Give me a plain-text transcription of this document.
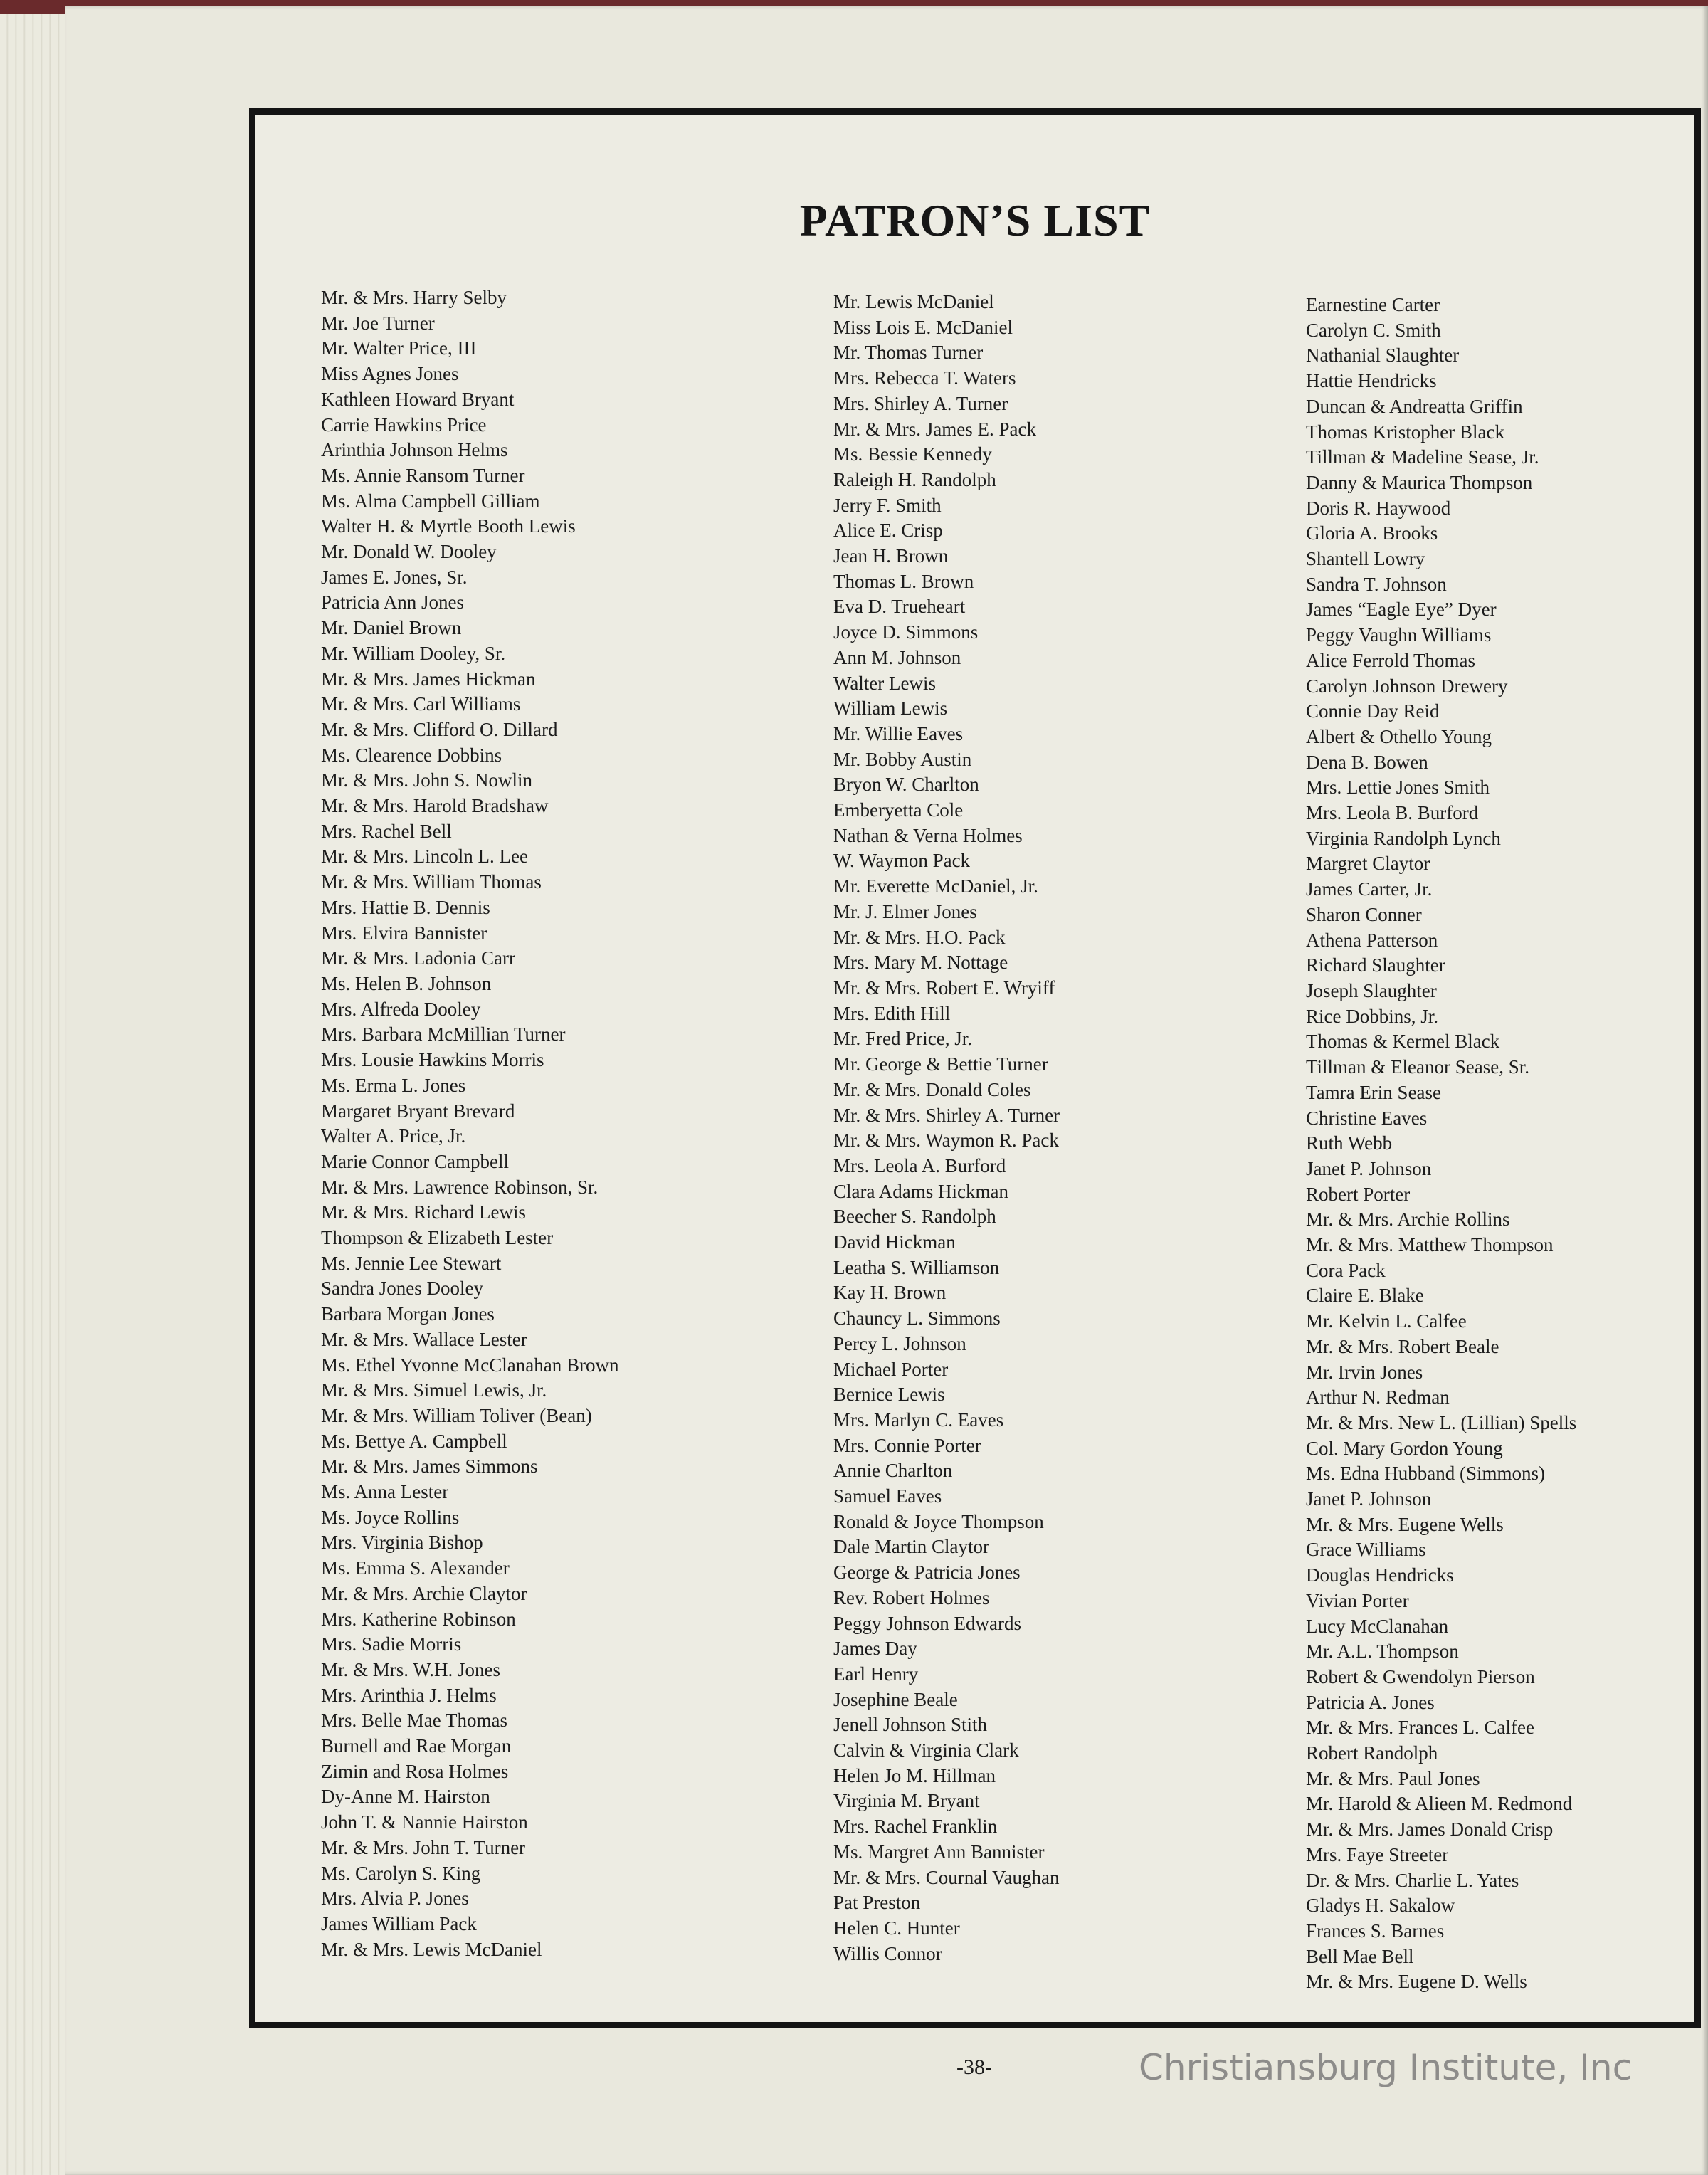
PATRON’S LIST
Mr. & Mrs. Harry Selby
Mr. Joe Turner
Mr. Walter Price, III
Miss Agnes Jones
Kathleen Howard Bryant
Carrie Hawkins Price
Arinthia Johnson Helms
Ms. Annie Ransom Turner
Ms. Alma Campbell Gilliam
Walter H. & Myrtle Booth Lewis
Mr. Donald W. Dooley
James E. Jones, Sr.
Patricia Ann Jones
Mr. Daniel Brown
Mr. William Dooley, Sr.
Mr. & Mrs. James Hickman
Mr. & Mrs. Carl Williams
Mr. & Mrs. Clifford O. Dillard
Ms. Clearence Dobbins
Mr. & Mrs. John S. Nowlin
Mr. & Mrs. Harold Bradshaw
Mrs. Rachel Bell
Mr. & Mrs. Lincoln L. Lee
Mr. & Mrs. William Thomas
Mrs. Hattie B. Dennis
Mrs. Elvira Bannister
Mr. & Mrs. Ladonia Carr
Ms. Helen B. Johnson
Mrs. Alfreda Dooley
Mrs. Barbara McMillian Turner
Mrs. Lousie Hawkins Morris
Ms. Erma L. Jones
Margaret Bryant Brevard
Walter A. Price, Jr.
Marie Connor Campbell
Mr. & Mrs. Lawrence Robinson, Sr.
Mr. & Mrs. Richard Lewis
Thompson & Elizabeth Lester
Ms. Jennie Lee Stewart
Sandra Jones Dooley
Barbara Morgan Jones
Mr. & Mrs. Wallace Lester
Ms. Ethel Yvonne McClanahan Brown
Mr. & Mrs. Simuel Lewis, Jr.
Mr. & Mrs. William Toliver (Bean)
Ms. Bettye A. Campbell
Mr. & Mrs. James Simmons
Ms. Anna Lester
Ms. Joyce Rollins
Mrs. Virginia Bishop
Ms. Emma S. Alexander
Mr. & Mrs. Archie Claytor
Mrs. Katherine Robinson
Mrs. Sadie Morris
Mr. & Mrs. W.H. Jones
Mrs. Arinthia J. Helms
Mrs. Belle Mae Thomas
Burnell and Rae Morgan
Zimin and Rosa Holmes
Dy-Anne M. Hairston
John T. & Nannie Hairston
Mr. & Mrs. John T. Turner
Ms. Carolyn S. King
Mrs. Alvia P. Jones
James William Pack
Mr. & Mrs. Lewis McDaniel
Mr. Lewis McDaniel
Miss Lois E. McDaniel
Mr. Thomas Turner
Mrs. Rebecca T. Waters
Mrs. Shirley A. Turner
Mr. & Mrs. James E. Pack
Ms. Bessie Kennedy
Raleigh H. Randolph
Jerry F. Smith
Alice E. Crisp
Jean H. Brown
Thomas L. Brown
Eva D. Trueheart
Joyce D. Simmons
Ann M. Johnson
Walter Lewis
William Lewis
Mr. Willie Eaves
Mr. Bobby Austin
Bryon W. Charlton
Emberyetta Cole
Nathan & Verna Holmes
W. Waymon Pack
Mr. Everette McDaniel, Jr.
Mr. J. Elmer Jones
Mr. & Mrs. H.O. Pack
Mrs. Mary M. Nottage
Mr. & Mrs. Robert E. Wryiff
Mrs. Edith Hill
Mr. Fred Price, Jr.
Mr. George & Bettie Turner
Mr. & Mrs. Donald Coles
Mr. & Mrs. Shirley A. Turner
Mr. & Mrs. Waymon R. Pack
Mrs. Leola A. Burford
Clara Adams Hickman
Beecher S. Randolph
David Hickman
Leatha S. Williamson
Kay H. Brown
Chauncy L. Simmons
Percy L. Johnson
Michael Porter
Bernice Lewis
Mrs. Marlyn C. Eaves
Mrs. Connie Porter
Annie Charlton
Samuel Eaves
Ronald & Joyce Thompson
Dale Martin Claytor
George & Patricia Jones
Rev. Robert Holmes
Peggy Johnson Edwards
James Day
Earl Henry
Josephine Beale
Jenell Johnson Stith
Calvin & Virginia Clark
Helen Jo M. Hillman
Virginia M. Bryant
Mrs. Rachel Franklin
Ms. Margret Ann Bannister
Mr. & Mrs. Cournal Vaughan
Pat Preston
Helen C. Hunter
Willis Connor
Earnestine Carter
Carolyn C. Smith
Nathanial Slaughter
Hattie Hendricks
Duncan & Andreatta Griffin
Thomas Kristopher Black
Tillman & Madeline Sease, Jr.
Danny & Maurica Thompson
Doris R. Haywood
Gloria A. Brooks
Shantell Lowry
Sandra T. Johnson
James “Eagle Eye” Dyer
Peggy Vaughn Williams
Alice Ferrold Thomas
Carolyn Johnson Drewery
Connie Day Reid
Albert & Othello Young
Dena B. Bowen
Mrs. Lettie Jones Smith
Mrs. Leola B. Burford
Virginia Randolph Lynch
Margret Claytor
James Carter, Jr.
Sharon Conner
Athena Patterson
Richard Slaughter
Joseph Slaughter
Rice Dobbins, Jr.
Thomas & Kermel Black
Tillman & Eleanor Sease, Sr.
Tamra Erin Sease
Christine Eaves
Ruth Webb
Janet P. Johnson
Robert Porter
Mr. & Mrs. Archie Rollins
Mr. & Mrs. Matthew Thompson
Cora Pack
Claire E. Blake
Mr. Kelvin L. Calfee
Mr. & Mrs. Robert Beale
Mr. Irvin Jones
Arthur N. Redman
Mr. & Mrs. New L. (Lillian) Spells
Col. Mary Gordon Young
Ms. Edna Hubband (Simmons)
Janet P. Johnson
Mr. & Mrs. Eugene Wells
Grace Williams
Douglas Hendricks
Vivian Porter
Lucy McClanahan
Mr. A.L. Thompson
Robert & Gwendolyn Pierson
Patricia A. Jones
Mr. & Mrs. Frances L. Calfee
Robert Randolph
Mr. & Mrs. Paul Jones
Mr. Harold & Alieen M. Redmond
Mr. & Mrs. James Donald Crisp
Mrs. Faye Streeter
Dr. & Mrs. Charlie L. Yates
Gladys H. Sakalow
Frances S. Barnes
Bell Mae Bell
Mr. & Mrs. Eugene D. Wells
-38-	Christiansburg Institute, Inc
